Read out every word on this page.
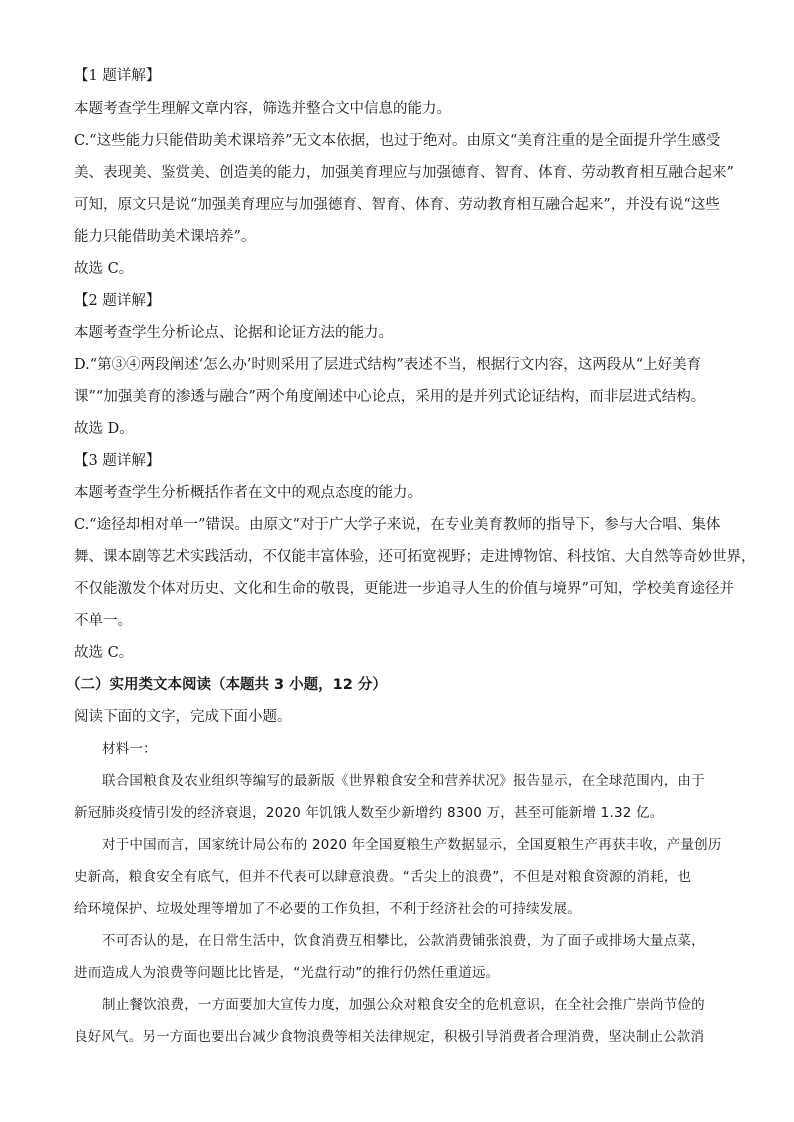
【1 题详解】
本题考查学生理解文章内容，筛选并整合文中信息的能力。
C.“这些能力只能借助美术课培养”无文本依据，也过于绝对。由原文“美育注重的是全面提升学生感受
美、表现美、鉴赏美、创造美的能力，加强美育理应与加强德育、智育、体育、劳动教育相互融合起来”
可知，原文只是说“加强美育理应与加强德育、智育、体育、劳动教育相互融合起来”，并没有说“这些
能力只能借助美术课培养”。
故选 C。
【2 题详解】
本题考查学生分析论点、论据和论证方法的能力。
D.“第③④两段阐述‘怎么办’时则采用了层进式结构”表述不当，根据行文内容，这两段从“上好美育
课”“加强美育的渗透与融合”两个角度阐述中心论点，采用的是并列式论证结构，而非层进式结构。
故选 D。
【3 题详解】
本题考查学生分析概括作者在文中的观点态度的能力。
C.“途径却相对单一”错误。由原文“对于广大学子来说，在专业美育教师的指导下，参与大合唱、集体
舞、课本剧等艺术实践活动，不仅能丰富体验，还可拓宽视野；走进博物馆、科技馆、大自然等奇妙世界，
不仅能激发个体对历史、文化和生命的敬畏，更能进一步追寻人生的价值与境界”可知，学校美育途径并
不单一。
故选 C。
（二）实用类文本阅读（本题共 3 小题，12 分）
阅读下面的文字，完成下面小题。
材料一：
联合国粮食及农业组织等编写的最新版《世界粮食安全和营养状况》报告显示，在全球范围内，由于
新冠肺炎疫情引发的经济衰退，2020 年饥饿人数至少新增约 8300 万，甚至可能新增 1.32 亿。
对于中国而言，国家统计局公布的 2020 年全国夏粮生产数据显示，全国夏粮生产再获丰收，产量创历
史新高，粮食安全有底气，但并不代表可以肆意浪费。“舌尖上的浪费”，不但是对粮食资源的消耗，也
给环境保护、垃圾处理等增加了不必要的工作负担，不利于经济社会的可持续发展。
不可否认的是，在日常生活中，饮食消费互相攀比，公款消费铺张浪费，为了面子或排场大量点菜，
进而造成人为浪费等问题比比皆是，“光盘行动”的推行仍然任重道远。
制止餐饮浪费，一方面要加大宣传力度，加强公众对粮食安全的危机意识，在全社会推广崇尚节俭的
良好风气。另一方面也要出台减少食物浪费等相关法律规定，积极引导消费者合理消费，坚决制止公款消
